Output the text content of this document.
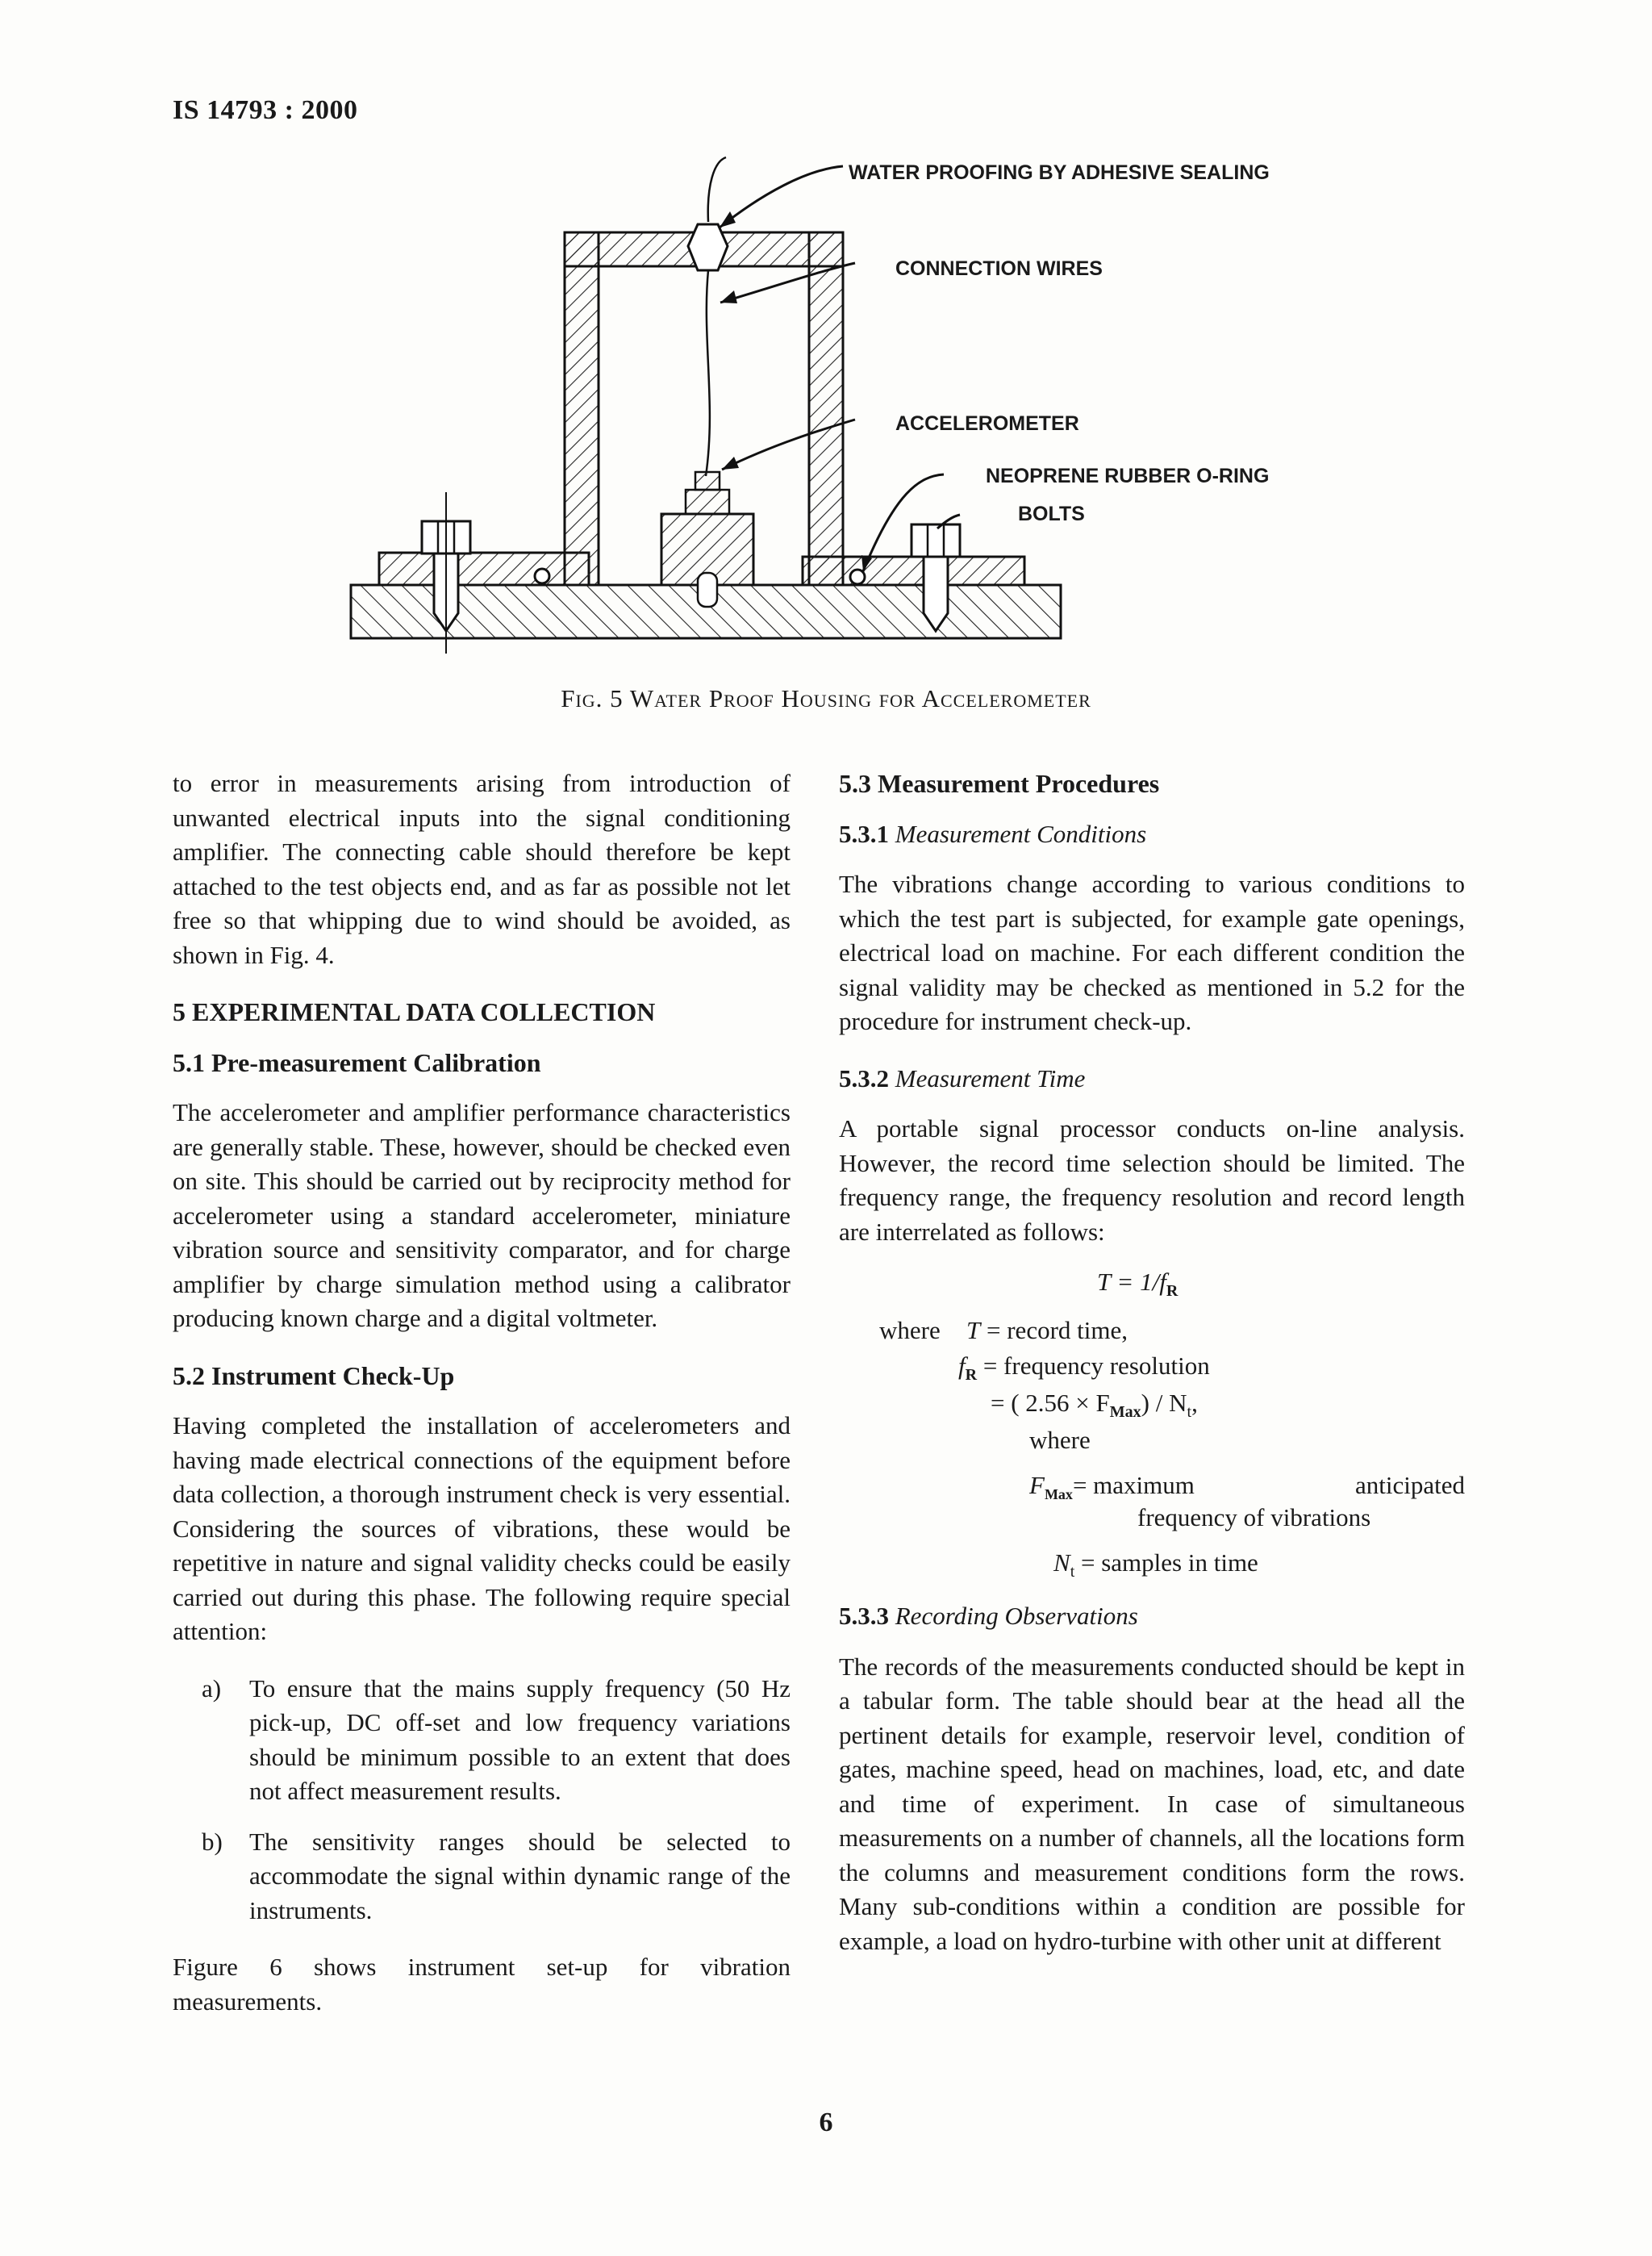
IS 14793 : 2000
WATER PROOFING BY ADHESIVE SEALING
CONNECTION WIRES
ACCELEROMETER
NEOPRENE RUBBER O-RING
BOLTS
Fig. 5 Water Proof Housing for Accelerometer

to error in measurements arising from introduction of unwanted electrical inputs into the signal conditioning amplifier. The connecting cable should therefore be kept attached to the test objects end, and as far as possible not let free so that whipping due to wind should be avoided, as shown in Fig. 4.

5 EXPERIMENTAL DATA COLLECTION

5.1 Pre-measurement Calibration

The accelerometer and amplifier performance characteristics are generally stable. These, however, should be checked even on site. This should be carried out by reciprocity method for accelerometer using a standard accelerometer, miniature vibration source and sensitivity comparator, and for charge amplifier by charge simulation method using a calibrator producing known charge and a digital voltmeter.

5.2 Instrument Check-Up

Having completed the installation of accelerometers and having made electrical connections of the equipment before data collection, a thorough instrument check is very essential. Considering the sources of vibrations, these would be repetitive in nature and signal validity checks could be easily carried out during this phase. The following require special attention:

a)	To ensure that the mains supply frequency (50 Hz pick-up, DC off-set and low frequency variations should be minimum possible to an extent that does not affect measurement results.
b)	The sensitivity ranges should be selected to accommodate the signal within dynamic range of the instruments.

Figure 6 shows instrument set-up for vibration measurements.

5.3 Measurement Procedures

5.3.1 Measurement Conditions

The vibrations change according to various conditions to which the test part is subjected, for example gate openings, electrical load on machine. For each different condition the signal validity may be checked as mentioned in 5.2 for the procedure for instrument check-up.

5.3.2 Measurement Time

A portable signal processor conducts on-line analysis. However, the record time selection should be limited. The frequency range, the frequency resolution and record length are interrelated as follows:

$T = 1/f_R$
where T = record time,
$f_R$ = frequency resolution
= ( $2.56 \times F_{Max}) / N_t$,
where
$F_{Max}=$ maximum	anticipated
frequency of vibrations
$N_t$ = samples in time

5.3.3 Recording Observations

The records of the measurements conducted should be kept in a tabular form. The table should bear at the head all the pertinent details for example, reservoir level, condition of gates, machine speed, head on machines, load, etc, and date and time of experiment. In case of simultaneous measurements on a number of channels, all the locations form the columns and measurement conditions form the rows. Many sub-conditions within a condition are possible for example, a load on hydro-turbine with other unit at different

6
